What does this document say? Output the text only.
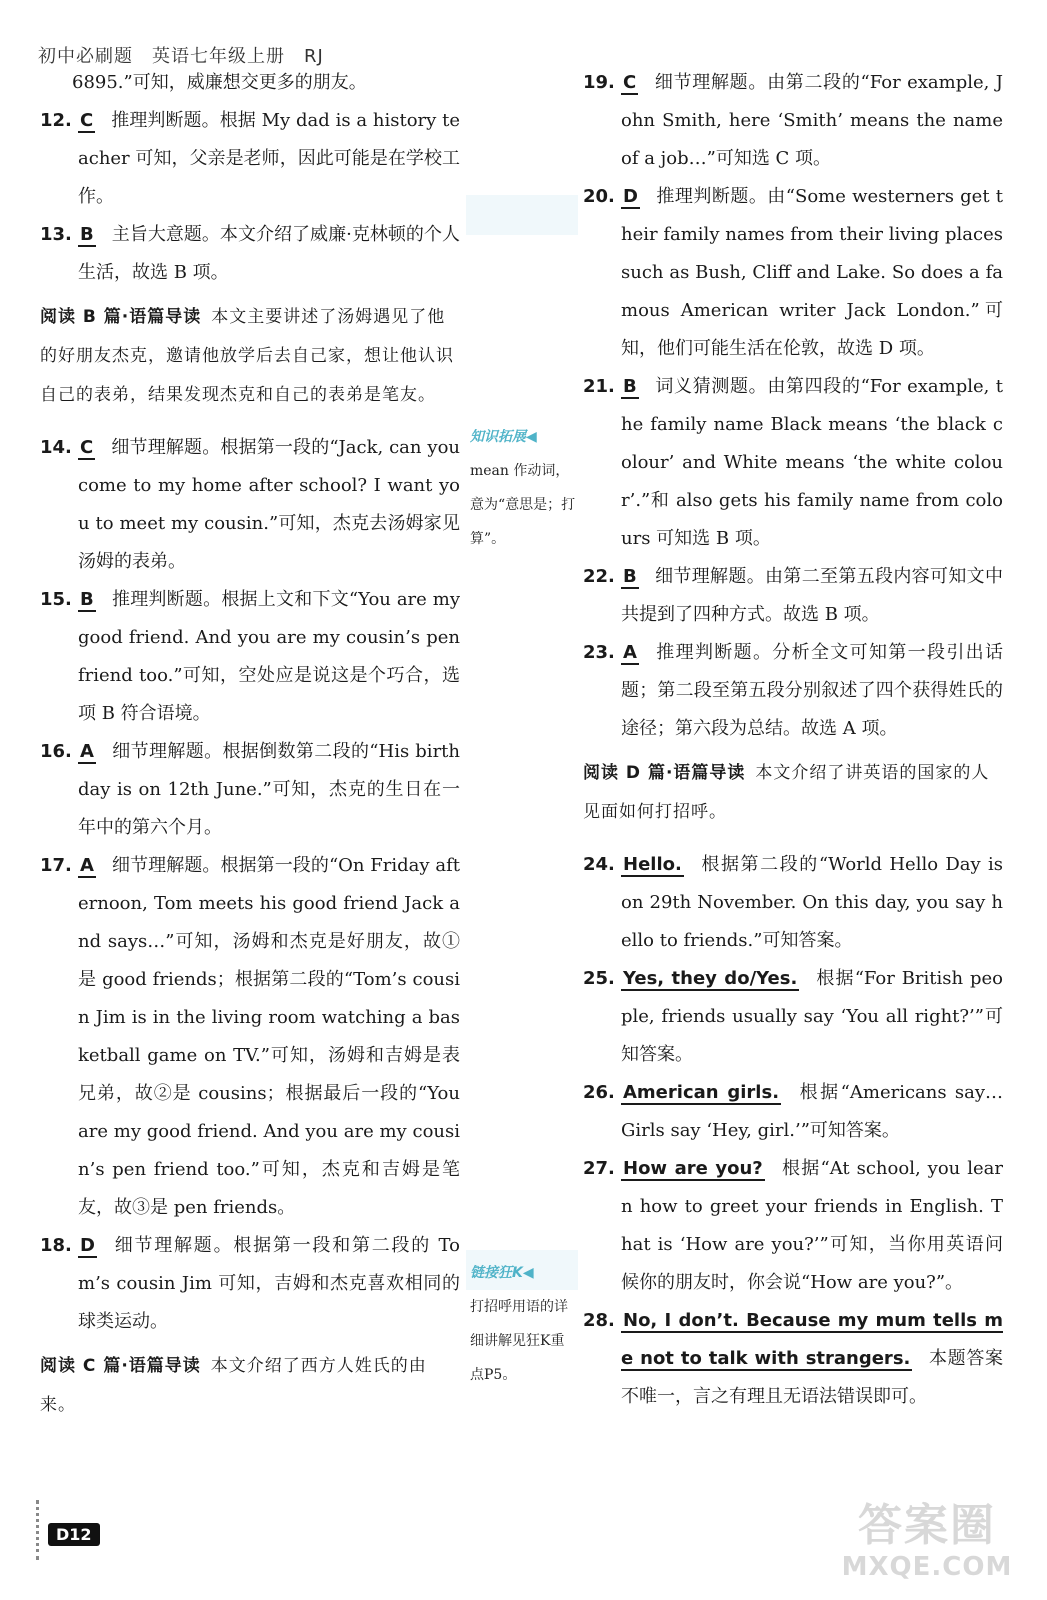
初中必刷题　英语七年级上册　RJ

6895.”可知，威廉想交更多的朋友。

12. C 推理判断题。根据 My dad is a history teacher 可知，父亲是老师，因此可能是在学校工作。

13. B 主旨大意题。本文介绍了威廉·克林顿的个人生活，故选 B 项。

阅读 B 篇·语篇导读 本文主要讲述了汤姆遇见了他的好朋友杰克，邀请他放学后去自己家，想让他认识自己的表弟，结果发现杰克和自己的表弟是笔友。

14. C 细节理解题。根据第一段的“Jack, can you come to my home after school? I want you to meet my cousin.”可知，杰克去汤姆家见汤姆的表弟。

15. B 推理判断题。根据上文和下文“You are my good friend. And you are my cousin’s pen friend too.”可知，空处应是说这是个巧合，选项 B 符合语境。

16. A 细节理解题。根据倒数第二段的“His birthday is on 12th June.”可知，杰克的生日在一年中的第六个月。

17. A 细节理解题。根据第一段的“On Friday afternoon, Tom meets his good friend Jack and says…”可知，汤姆和杰克是好朋友，故①是 good friends；根据第二段的“Tom’s cousin Jim is in the living room watching a basketball game on TV.”可知，汤姆和吉姆是表兄弟，故②是 cousins；根据最后一段的“You are my good friend. And you are my cousin’s pen friend too.”可知，杰克和吉姆是笔友，故③是 pen friends。

18. D 细节理解题。根据第一段和第二段的 Tom’s cousin Jim 可知，吉姆和杰克喜欢相同的球类运动。

阅读 C 篇·语篇导读 本文介绍了西方人姓氏的由来。

19. C 细节理解题。由第二段的“For example, John Smith, here ‘Smith’ means the name of a job…”可知选 C 项。

20. D 推理判断题。由“Some westerners get their family names from their living places such as Bush, Cliff and Lake. So does a famous American writer Jack London.”可知，他们可能生活在伦敦，故选 D 项。

21. B 词义猜测题。由第四段的“For example, the family name Black means ‘the black colour’ and White means ‘the white colour’.”和 also gets his family name from colours 可知选 B 项。

22. B 细节理解题。由第二至第五段内容可知文中共提到了四种方式。故选 B 项。

23. A 推理判断题。分析全文可知第一段引出话题；第二段至第五段分别叙述了四个获得姓氏的途径；第六段为总结。故选 A 项。

阅读 D 篇·语篇导读 本文介绍了讲英语的国家的人见面如何打招呼。

24. Hello. 根据第二段的“World Hello Day is on 29th November. On this day, you say hello to friends.”可知答案。

25. Yes, they do/Yes. 根据“For British people, friends usually say ‘You all right?’”可知答案。

26. American girls. 根据“Americans say… Girls say ‘Hey, girl.’”可知答案。

27. How are you? 根据“At school, you learn how to greet your friends in English. That is ‘How are you?’”可知，当你用英语问候你的朋友时，你会说“How are you?”。

28. No, I don’t. Because my mum tells me not to talk with strangers. 本题答案不唯一，言之有理且无语法错误即可。

知识拓展◀
mean 作动词，意为“意思是；打算”。
链接狂K◀
打招呼用语的详细讲解见狂K重点P5。
D12	答案圈
MXQE.COM
